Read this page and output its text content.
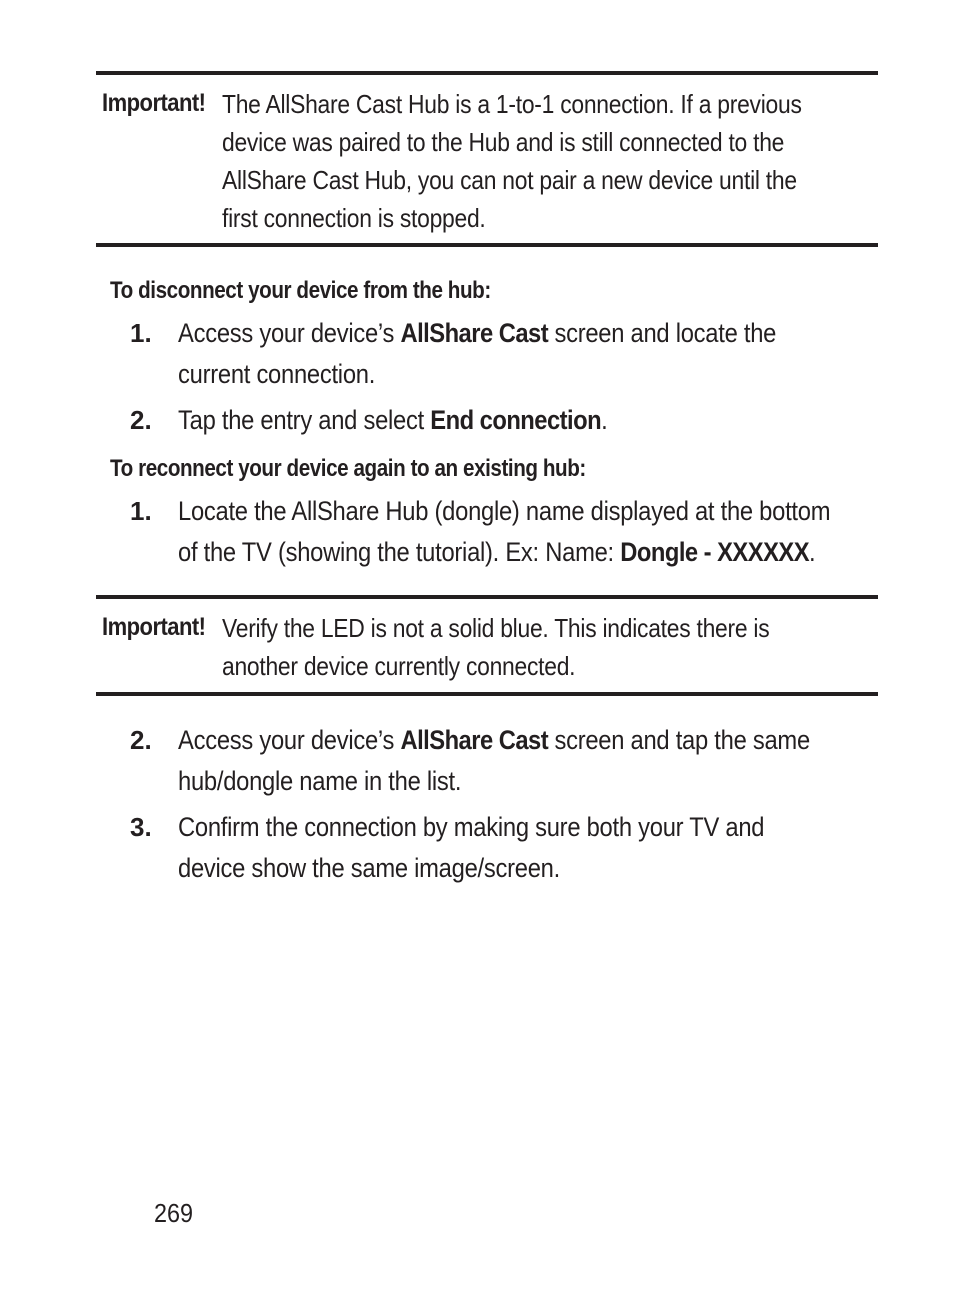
Important! The AllShare Cast Hub is a 1-to-1 connection. If a previous
device was paired to the Hub and is still connected to the
AllShare Cast Hub, you can not pair a new device until the
first connection is stopped.
To disconnect your device from the hub:
1. Access your device’s AllShare Cast screen and locate the
current connection.
2. Tap the entry and select End connection.
To reconnect your device again to an existing hub:
1. Locate the AllShare Hub (dongle) name displayed at the bottom
of the TV (showing the tutorial). Ex: Name: Dongle - XXXXXX.
Important! Verify the LED is not a solid blue. This indicates there is
another device currently connected.
2. Access your device’s AllShare Cast screen and tap the same
hub/dongle name in the list.
3. Confirm the connection by making sure both your TV and
device show the same image/screen.
269
